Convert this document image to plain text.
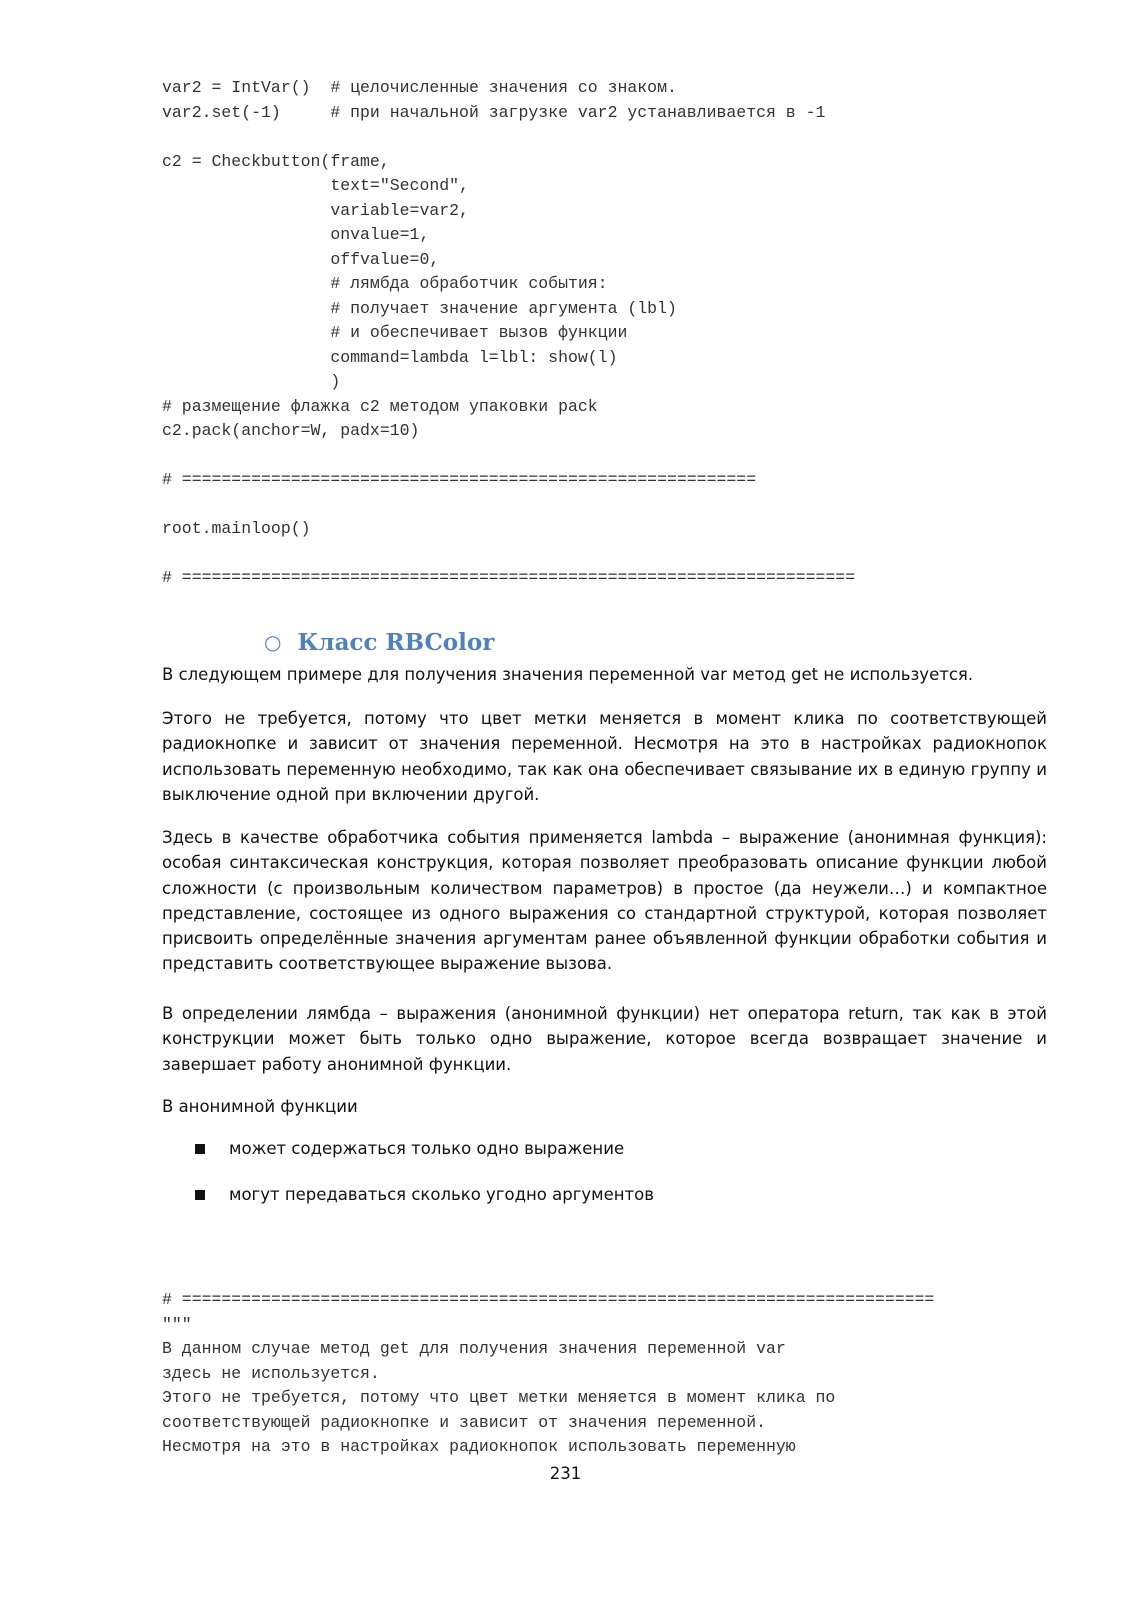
var2 = IntVar()  # целочисленные значения со знаком.
var2.set(-1)     # при начальной загрузке var2 устанавливается в -1

c2 = Checkbutton(frame,
text="Second",
variable=var2,
onvalue=1,
offvalue=0,
# лямбда обработчик события:
# получает значение аргумента (lbl)
# и обеспечивает вызов функции
command=lambda l=lbl: show(l)
)
# размещение флажка c2 методом упаковки pack
c2.pack(anchor=W, padx=10)

# ==========================================================

root.mainloop()

# ====================================================================
○ Класс RBColor

В следующем примере для получения значения переменной var метод get не используется.

Этого не требуется, потому что цвет метки меняется в момент клика по соответствующей радиокнопке и зависит от значения переменной. Несмотря на это в настройках радиокнопок использовать переменную необходимо, так как она обеспечивает связывание их в единую группу и выключение одной при включении другой.

Здесь в качестве обработчика события применяется lambda – выражение (анонимная функция): особая синтаксическая конструкция, которая позволяет преобразовать описание функции любой сложности (с произвольным количеством параметров) в простое (да неужели…) и компактное представление, состоящее из одного выражения со стандартной структурой, которая позволяет присвоить определённые значения аргументам ранее объявленной функции обработки события и представить соответствующее выражение вызова.

В определении лямбда – выражения (анонимной функции) нет оператора return, так как в этой конструкции может быть только одно выражение, которое всегда возвращает значение и завершает работу анонимной функции.

В анонимной функции

может содержаться только одно выражение
могут передаваться сколько угодно аргументов
# ============================================================================
"""
В данном случае метод get для получения значения переменной var
здесь не используется.
Этого не требуется, потому что цвет метки меняется в момент клика по
соответствующей радиокнопке и зависит от значения переменной.
Несмотря на это в настройках радиокнопок использовать переменную
231
